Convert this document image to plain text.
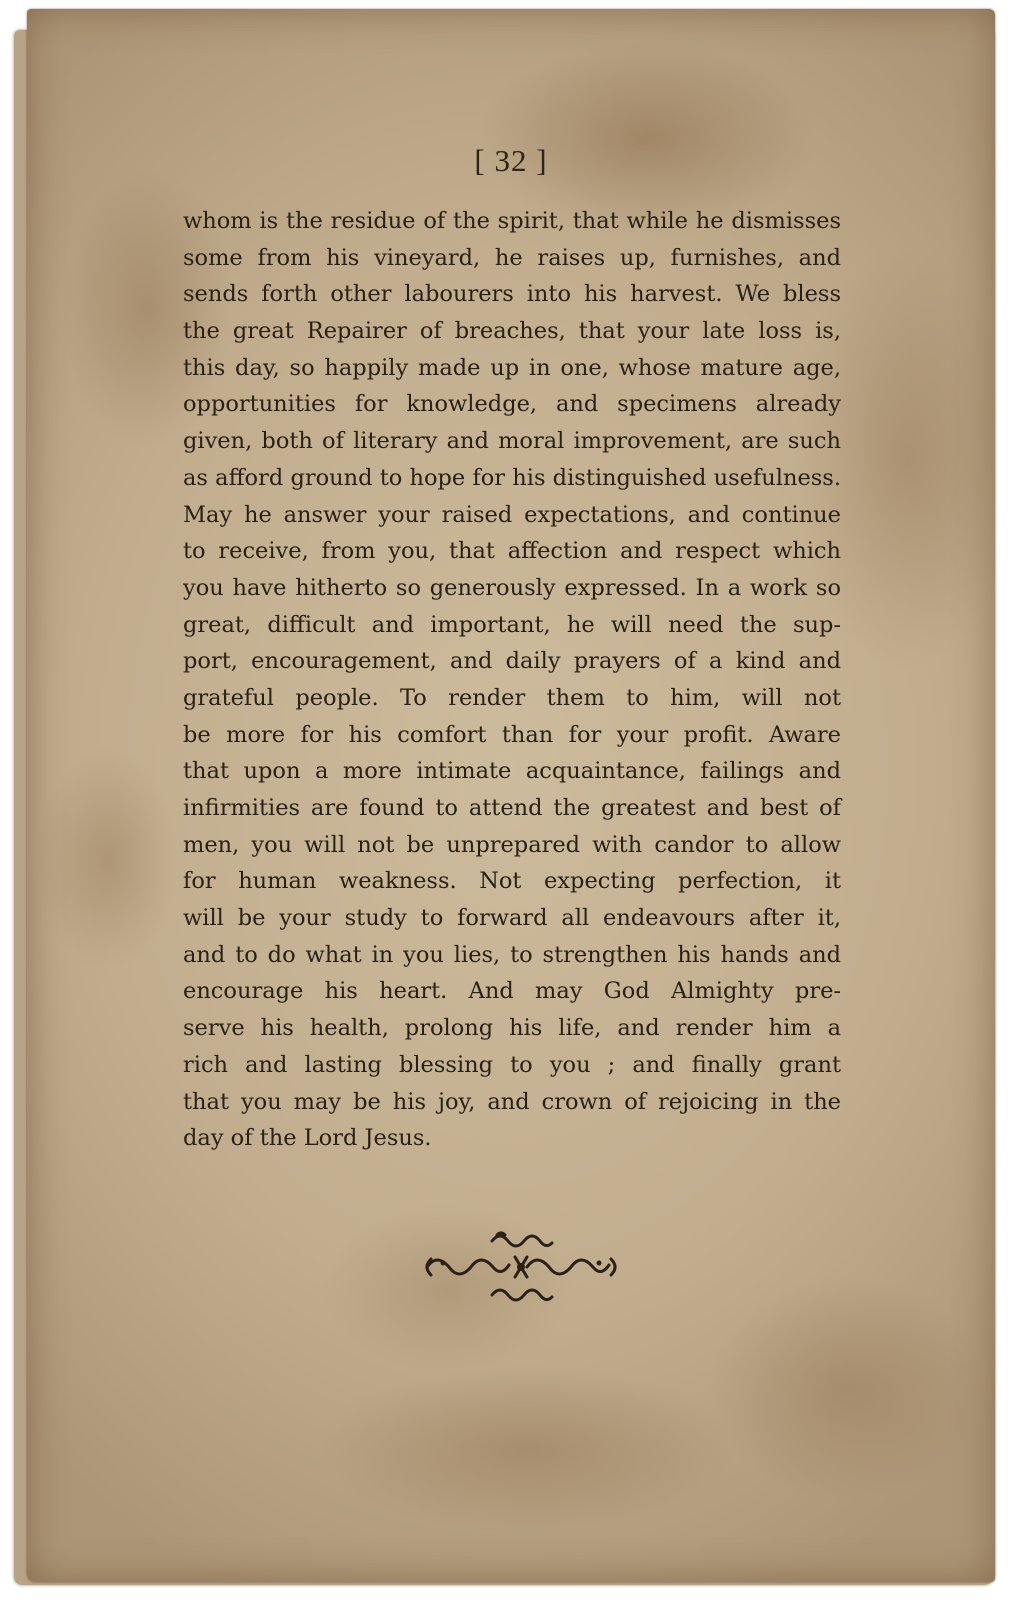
[ 32 ]
whom is the residue of the spirit, that while he dismisses
some from his vineyard, he raises up, furnishes, and
sends forth other labourers into his harvest. We bless
the great Repairer of breaches, that your late loss is,
this day, so happily made up in one, whose mature age,
opportunities for knowledge, and specimens already
given, both of literary and moral improvement, are such
as afford ground to hope for his distinguished usefulness.
May he answer your raised expectations, and continue
to receive, from you, that affection and respect which
you have hitherto so generously expressed. In a work so
great, difficult and important, he will need the sup-
port, encouragement, and daily prayers of a kind and
grateful people. To render them to him, will not
be more for his comfort than for your profit. Aware
that upon a more intimate acquaintance, failings and
infirmities are found to attend the greatest and best of
men, you will not be unprepared with candor to allow
for human weakness. Not expecting perfection, it
will be your study to forward all endeavours after it,
and to do what in you lies, to strengthen his hands and
encourage his heart. And may God Almighty pre-
serve his health, prolong his life, and render him a
rich and lasting blessing to you ; and finally grant
that you may be his joy, and crown of rejoicing in the
day of the Lord Jesus.
